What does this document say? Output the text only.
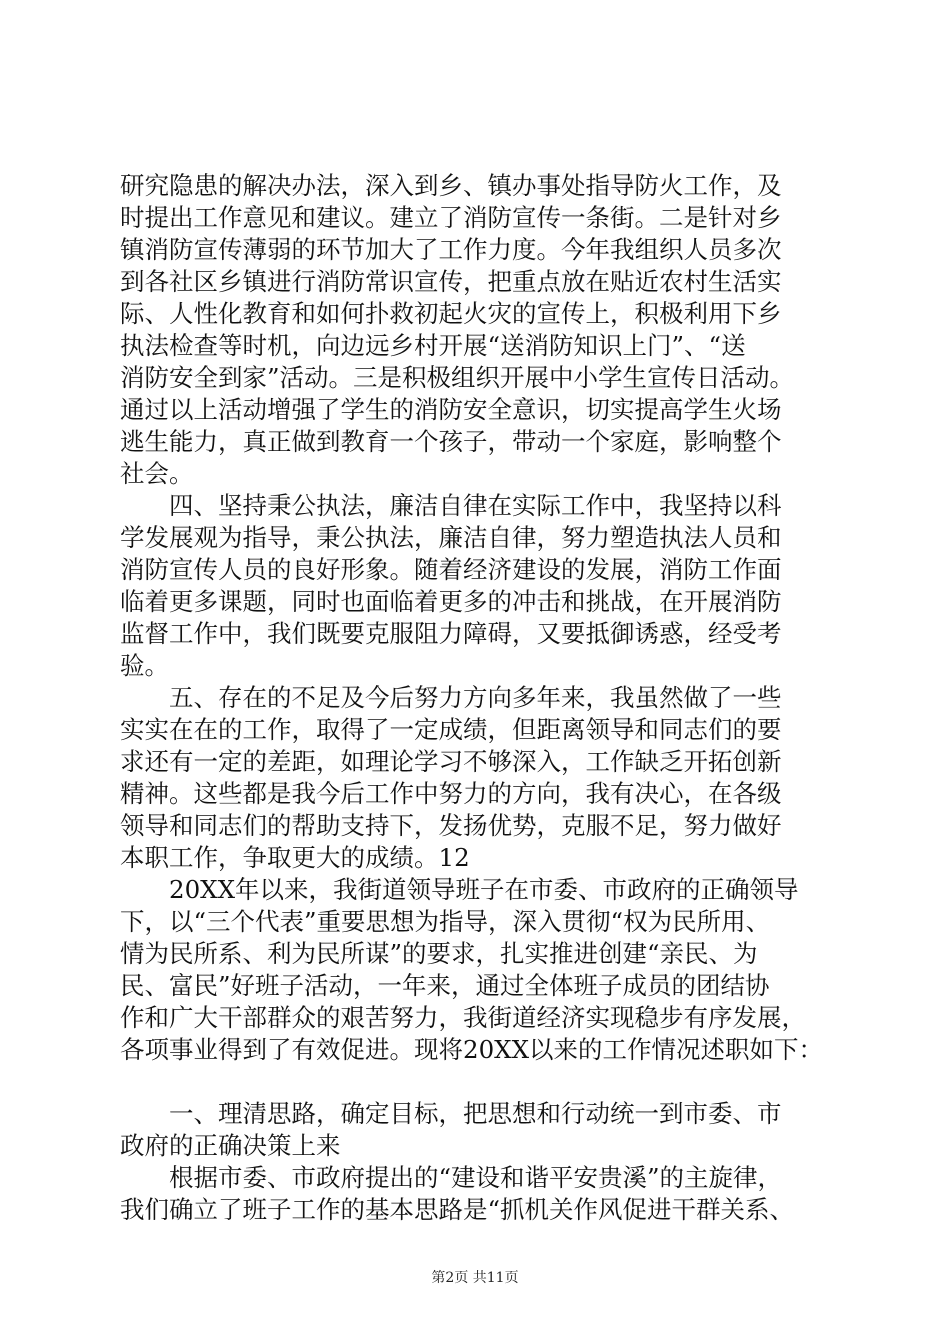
研究隐患的解决办法，深入到乡、镇办事处指导防火工作，及
时提出工作意见和建议。建立了消防宣传一条街。二是针对乡
镇消防宣传薄弱的环节加大了工作力度。今年我组织人员多次
到各社区乡镇进行消防常识宣传，把重点放在贴近农村生活实
际、人性化教育和如何扑救初起火灾的宣传上，积极利用下乡
执法检查等时机，向边远乡村开展“送消防知识上门”、“送
消防安全到家”活动。三是积极组织开展中小学生宣传日活动。
通过以上活动增强了学生的消防安全意识，切实提高学生火场
逃生能力，真正做到教育一个孩子，带动一个家庭，影响整个
社会。
　　四、坚持秉公执法，廉洁自律在实际工作中，我坚持以科
学发展观为指导，秉公执法，廉洁自律，努力塑造执法人员和
消防宣传人员的良好形象。随着经济建设的发展，消防工作面
临着更多课题，同时也面临着更多的冲击和挑战，在开展消防
监督工作中，我们既要克服阻力障碍，又要抵御诱惑，经受考
验。
　　五、存在的不足及今后努力方向多年来，我虽然做了一些
实实在在的工作，取得了一定成绩，但距离领导和同志们的要
求还有一定的差距，如理论学习不够深入，工作缺乏开拓创新
精神。这些都是我今后工作中努力的方向，我有决心，在各级
领导和同志们的帮助支持下，发扬优势，克服不足，努力做好
本职工作，争取更大的成绩。12
　　20XX年以来，我街道领导班子在市委、市政府的正确领导
下，以“三个代表”重要思想为指导，深入贯彻“权为民所用、
情为民所系、利为民所谋”的要求，扎实推进创建“亲民、为
民、富民”好班子活动，一年来，通过全体班子成员的团结协
作和广大干部群众的艰苦努力，我街道经济实现稳步有序发展，
各项事业得到了有效促进。现将20XX以来的工作情况述职如下：
　　一、理清思路，确定目标，把思想和行动统一到市委、市
政府的正确决策上来
　　根据市委、市政府提出的“建设和谐平安贵溪”的主旋律，
我们确立了班子工作的基本思路是“抓机关作风促进干群关系、
第2页 共11页
